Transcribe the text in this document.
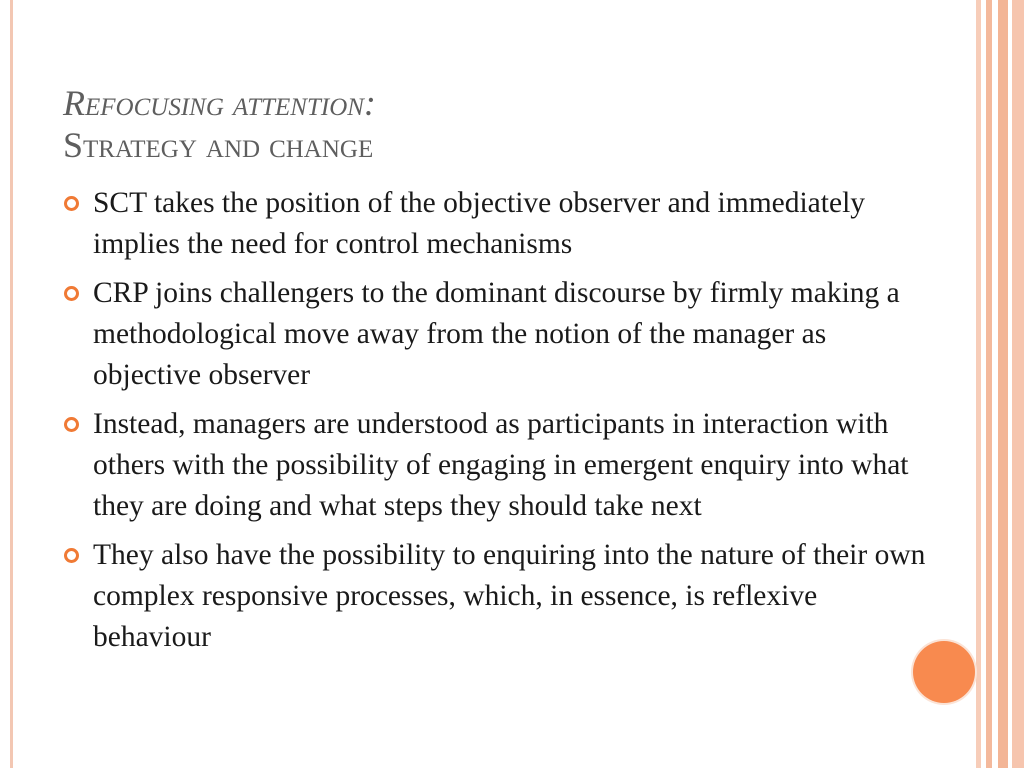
Refocusing attention:
Strategy and change
SCT takes the position of the objective observer and immediately implies the need for control mechanisms
CRP joins challengers to the dominant discourse by firmly making a methodological move away from the notion of the manager as objective observer
Instead, managers are understood as participants in interaction with others with the possibility of engaging in emergent enquiry into what they are doing and what steps they should take next
They also have the possibility to enquiring into the nature of their own complex responsive processes, which, in essence, is reflexive behaviour
